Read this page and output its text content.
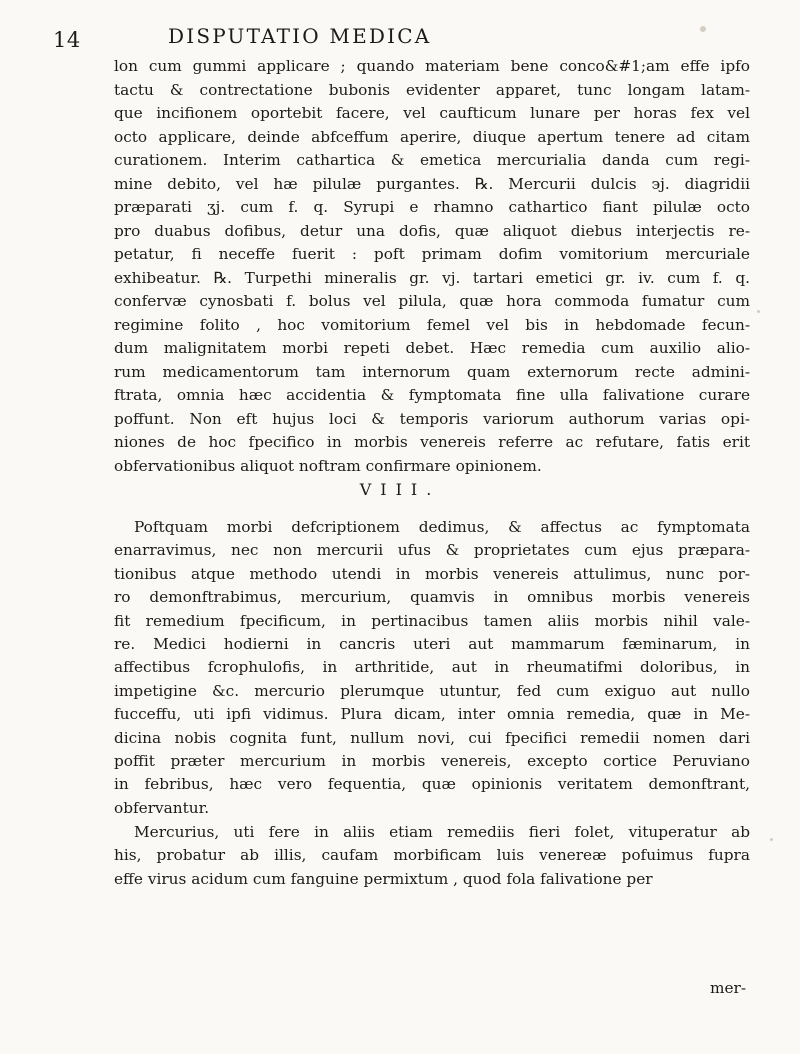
14	DISPUTATIO MEDICA
lon cum gummi applicare ; quando materiam bene conco&#1;am effe ipfo
tactu & contrectatione bubonis evidenter apparet, tunc longam latam-
que incifionem oportebit facere, vel caufticum lunare per horas fex vel
octo applicare, deinde abfceffum aperire, diuque apertum tenere ad citam
curationem. Interim cathartica & emetica mercurialia danda cum regi-
mine debito, vel hæ pilulæ purgantes. ℞. Mercurii dulcis ϶j. diagridii
præparati ʒj. cum f. q. Syrupi e rhamno cathartico fiant pilulæ octo
pro duabus dofibus, detur una dofis, quæ aliquot diebus interjectis re-
petatur, fi neceffe fuerit : poft primam dofim vomitorium mercuriale
exhibeatur. ℞. Turpethi mineralis gr. vj. tartari emetici gr. iv. cum f. q.
confervæ cynosbati f. bolus vel pilula, quæ hora commoda fumatur cum
regimine folito , hoc vomitorium femel vel bis in hebdomade fecun-
dum malignitatem morbi repeti debet. Hæc remedia cum auxilio alio-
rum medicamentorum tam internorum quam externorum recte admini-
ftrata, omnia hæc accidentia & fymptomata fine ulla falivatione curare
poffunt. Non eft hujus loci & temporis variorum authorum varias opi-
niones de hoc fpecifico in morbis venereis referre ac refutare, fatis erit
obfervationibus aliquot noftram confirmare opinionem.
VIII.
Poftquam morbi defcriptionem dedimus, & affectus ac fymptomata
enarravimus, nec non mercurii ufus & proprietates cum ejus præpara-
tionibus atque methodo utendi in morbis venereis attulimus, nunc por-
ro demonftrabimus, mercurium, quamvis in omnibus morbis venereis
fit remedium fpecificum, in pertinacibus tamen aliis morbis nihil vale-
re. Medici hodierni in cancris uteri aut mammarum fæminarum, in
affectibus fcrophulofis, in arthritide, aut in rheumatifmi doloribus, in
impetigine &c. mercurio plerumque utuntur, fed cum exiguo aut nullo
fucceffu, uti ipfi vidimus. Plura dicam, inter omnia remedia, quæ in Me-
dicina nobis cognita funt, nullum novi, cui fpecifici remedii nomen dari
poffit præter mercurium in morbis venereis, excepto cortice Peruviano
in febribus, hæc vero fequentia, quæ opinionis veritatem demonftrant,
obfervantur.
Mercurius, uti fere in aliis etiam remediis fieri folet, vituperatur ab
his, probatur ab illis, caufam morbificam luis venereæ pofuimus fupra
effe virus acidum cum fanguine permixtum , quod fola falivatione per
mer-
